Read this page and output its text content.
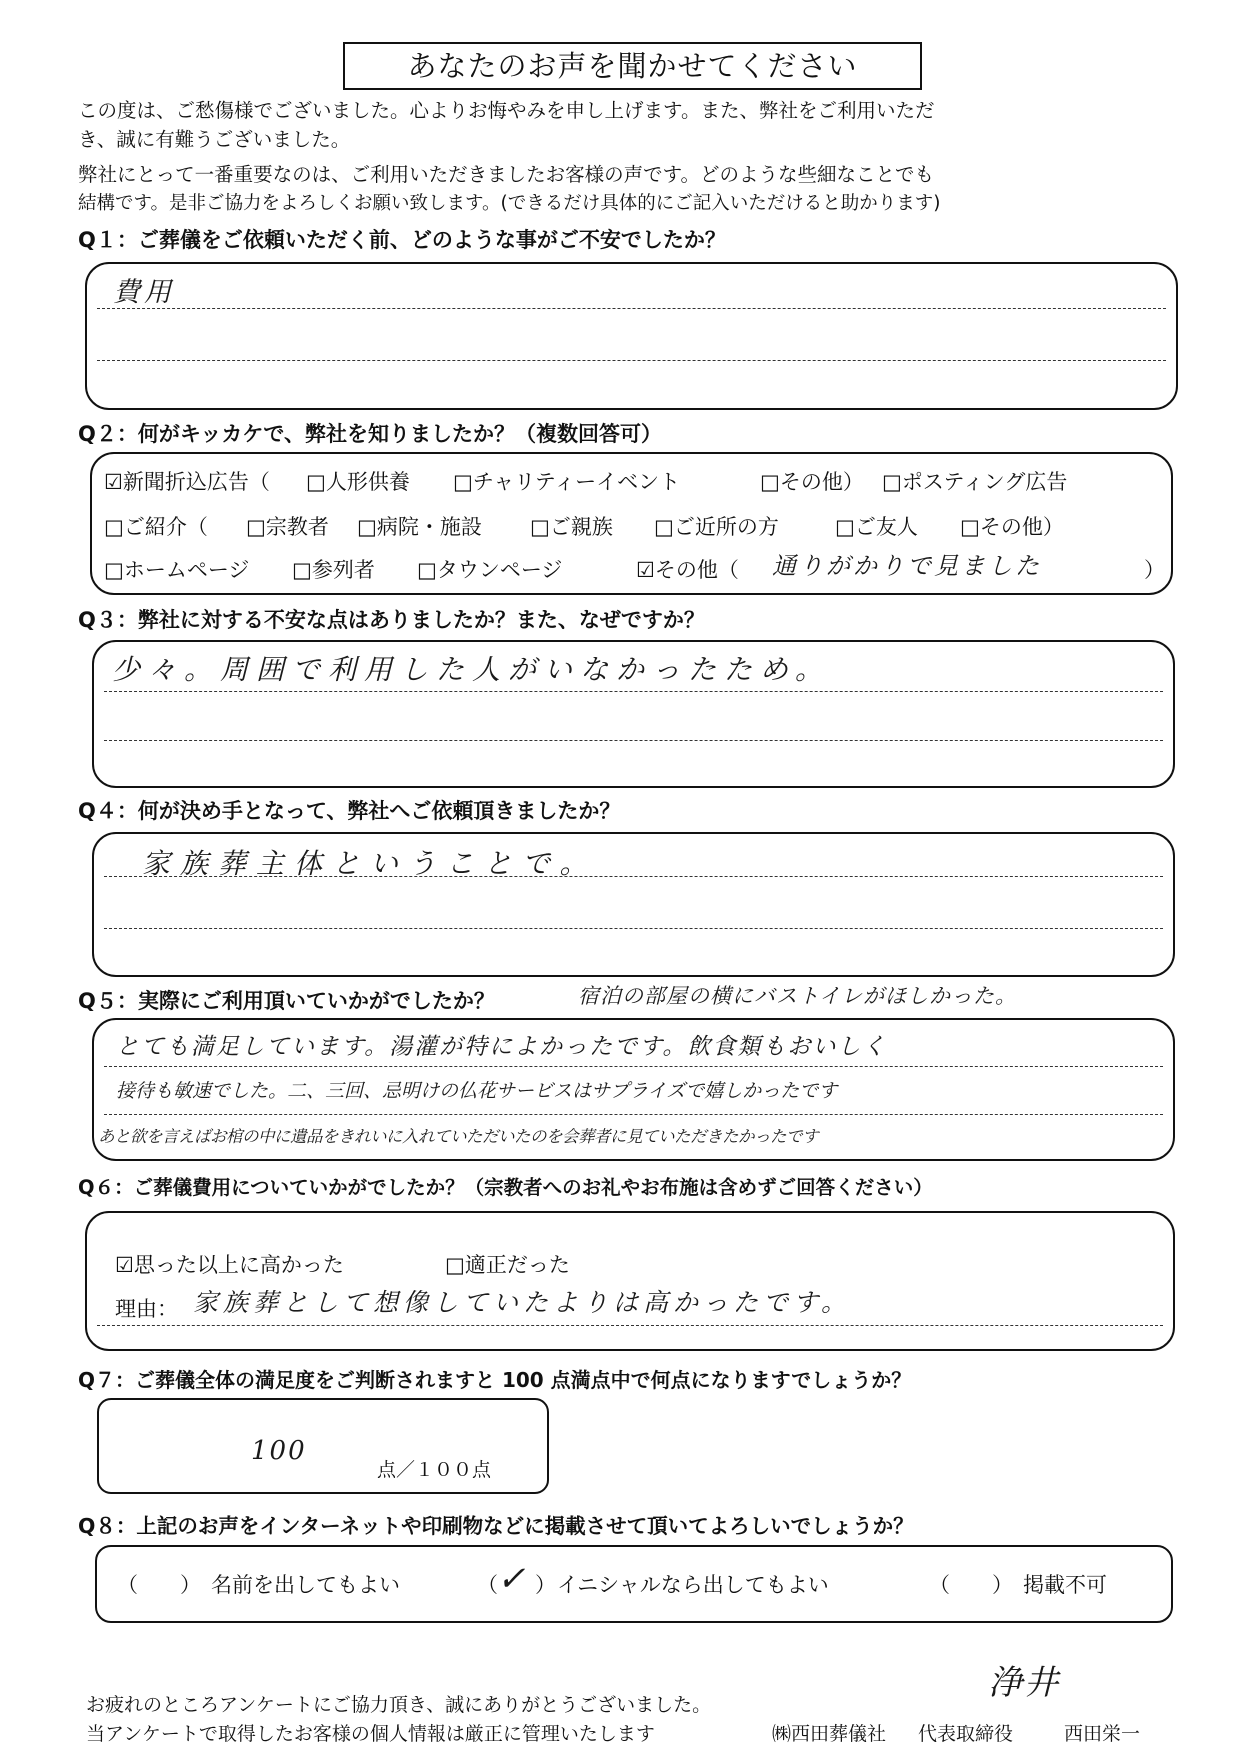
あなたのお声を聞かせてください
この度は、ご愁傷様でございました。心よりお悔やみを申し上げます。また、弊社をご利用いただ
き、誠に有難うございました。
弊社にとって一番重要なのは、ご利用いただきましたお客様の声です。どのような些細なことでも
結構です。是非ご協力をよろしくお願い致します。(できるだけ具体的にご記入いただけると助かります)
Q１：ご葬儀をご依頼いただく前、どのような事がご不安でしたか？
費用
Q２：何がキッカケで、弊社を知りましたか？（複数回答可）
☑新聞折込広告（ □人形供養 □チャリティーイベント	□その他） □ポスティング広告
□ご紹介（ □宗教者 □病院・施設 □ご親族 □ご近所の方	□ご友人 □その他）
□ホームページ □参列者 □タウンページ	☑その他（ 通りがかりで見ました	）
Q３：弊社に対する不安な点はありましたか？また、なぜですか？
少々。周囲で利用した人がいなかったため。
Q４：何が決め手となって、弊社へご依頼頂きましたか？
家族葬主体ということで。
Q５：実際にご利用頂いていかがでしたか？	宿泊の部屋の横にバストイレがほしかった。
とても満足しています。湯灌が特によかったです。飲食類もおいしく
接待も敏速でした。二、三回、忌明けの仏花サービスはサプライズで嬉しかったです
あと欲を言えばお棺の中に遺品をきれいに入れていただいたのを会葬者に見ていただきたかったです
Q６：ご葬儀費用についていかがでしたか？（宗教者へのお礼やお布施は含めずご回答ください）
☑思った以上に高かった	□適正だった
理由： 家族葬として想像していたよりは高かったです。
Q７：ご葬儀全体の満足度をご判断されますと 100 点満点中で何点になりますでしょうか？
100
点／１００点
Q８：上記のお声をインターネットや印刷物などに掲載させて頂いてよろしいでしょうか？
（　　） 名前を出してもよい	（ ✓ ） イニシャルなら出してもよい	（　　） 掲載不可
浄井
お疲れのところアンケートにご協力頂き、誠にありがとうございました。
当アンケートで取得したお客様の個人情報は厳正に管理いたします	㈱西田葬儀社 代表取締役	西田栄一
